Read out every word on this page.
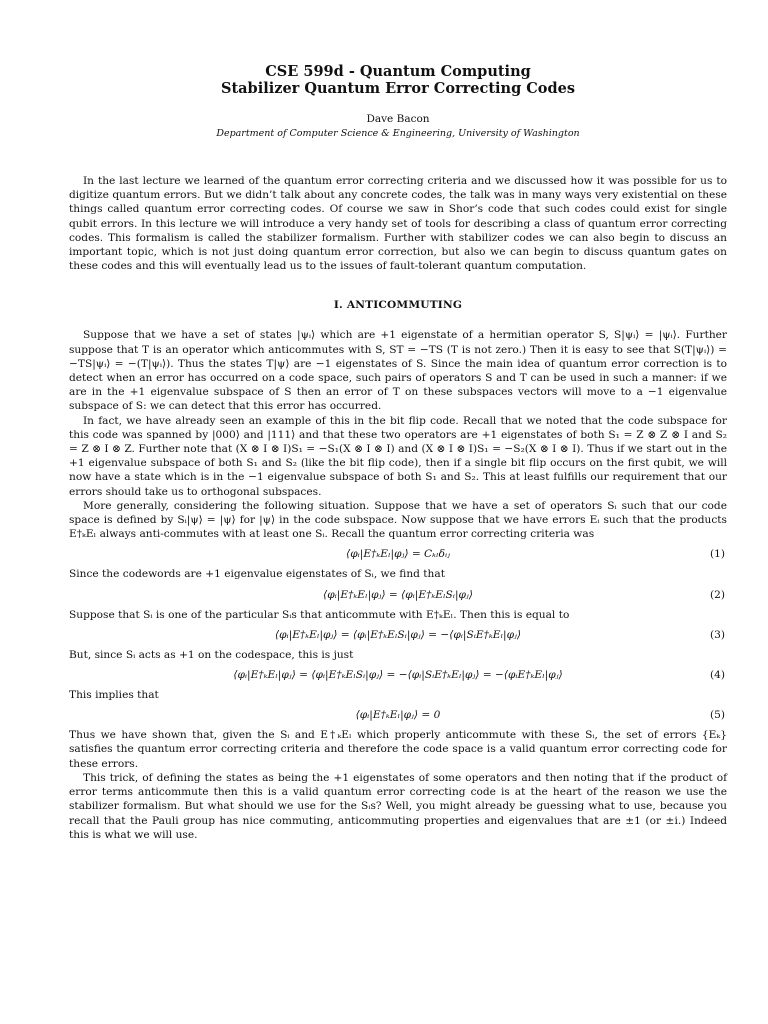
CSE 599d - Quantum Computing
Stabilizer Quantum Error Correcting Codes
Dave Bacon
Department of Computer Science & Engineering, University of Washington

In the last lecture we learned of the quantum error correcting criteria and we discussed how it was possible for us to digitize quantum errors. But we didn’t talk about any concrete codes, the talk was in many ways very existential on these things called quantum error correcting codes. Of course we saw in Shor’s code that such codes could exist for single qubit errors. In this lecture we will introduce a very handy set of tools for describing a class of quantum error correcting codes. This formalism is called the stabilizer formalism. Further with stabilizer codes we can also begin to discuss an important topic, which is not just doing quantum error correction, but also we can begin to discuss quantum gates on these codes and this will eventually lead us to the issues of fault-tolerant quantum computation.

I. ANTICOMMUTING

Suppose that we have a set of states |ψᵢ⟩ which are +1 eigenstate of a hermitian operator S, S|ψᵢ⟩ = |ψᵢ⟩. Further suppose that T is an operator which anticommutes with S, ST = −TS (T is not zero.) Then it is easy to see that S(T|ψᵢ⟩) = −TS|ψᵢ⟩ = −(T|ψᵢ⟩). Thus the states T|ψ⟩ are −1 eigenstates of S. Since the main idea of quantum error correction is to detect when an error has occurred on a code space, such pairs of operators S and T can be used in such a manner: if we are in the +1 eigenvalue subspace of S then an error of T on these subspaces vectors will move to a −1 eigenvalue subspace of S: we can detect that this error has occurred.

In fact, we have already seen an example of this in the bit flip code. Recall that we noted that the code subspace for this code was spanned by |000⟩ and |111⟩ and that these two operators are +1 eigenstates of both S₁ = Z ⊗ Z ⊗ I and S₂ = Z ⊗ I ⊗ Z. Further note that (X ⊗ I ⊗ I)S₁ = −S₁(X ⊗ I ⊗ I) and (X ⊗ I ⊗ I)S₁ = −S₂(X ⊗ I ⊗ I). Thus if we start out in the +1 eigenvalue subspace of both S₁ and S₂ (like the bit flip code), then if a single bit flip occurs on the first qubit, we will now have a state which is in the −1 eigenvalue subspace of both S₁ and S₂. This at least fulfills our requirement that our errors should take us to orthogonal subspaces.

More generally, considering the following situation. Suppose that we have a set of operators Sᵢ such that our code space is defined by Sᵢ|ψ⟩ = |ψ⟩ for |ψ⟩ in the code subspace. Now suppose that we have errors Eᵢ such that the products E†ₖEₗ always anti-commutes with at least one Sᵢ. Recall the quantum error correcting criteria was

⟨φᵢ|E†ₖEₗ|φⱼ⟩ = Cₖₗδᵢⱼ	(1)

Since the codewords are +1 eigenvalue eigenstates of Sᵢ, we find that

⟨φᵢ|E†ₖEₗ|φⱼ⟩ = ⟨φᵢ|E†ₖEₗSᵢ|φⱼ⟩	(2)

Suppose that Sᵢ is one of the particular Sᵢs that anticommute with E†ₖEₗ. Then this is equal to

⟨φᵢ|E†ₖEₗ|φⱼ⟩ = ⟨φᵢ|E†ₖEₗSᵢ|φⱼ⟩ = −⟨φᵢ|SᵢE†ₖEₗ|φⱼ⟩	(3)

But, since Sᵢ acts as +1 on the codespace, this is just

⟨φᵢ|E†ₖEₗ|φⱼ⟩ = ⟨φᵢ|E†ₖEₗSᵢ|φⱼ⟩ = −⟨φᵢ|SᵢE†ₖEₗ|φⱼ⟩ = −⟨φᵢE†ₖEₗ|φⱼ⟩	(4)

This implies that

⟨φᵢ|E†ₖEₗ|φⱼ⟩ = 0	(5)

Thus we have shown that, given the Sᵢ and E†ₖEₗ which properly anticommute with these Sᵢ, the set of errors {Eₖ} satisfies the quantum error correcting criteria and therefore the code space is a valid quantum error correcting code for these errors.

This trick, of defining the states as being the +1 eigenstates of some operators and then noting that if the product of error terms anticommute then this is a valid quantum error correcting code is at the heart of the reason we use the stabilizer formalism. But what should we use for the Sᵢs? Well, you might already be guessing what to use, because you recall that the Pauli group has nice commuting, anticommuting properties and eigenvalues that are ±1 (or ±i.) Indeed this is what we will use.
